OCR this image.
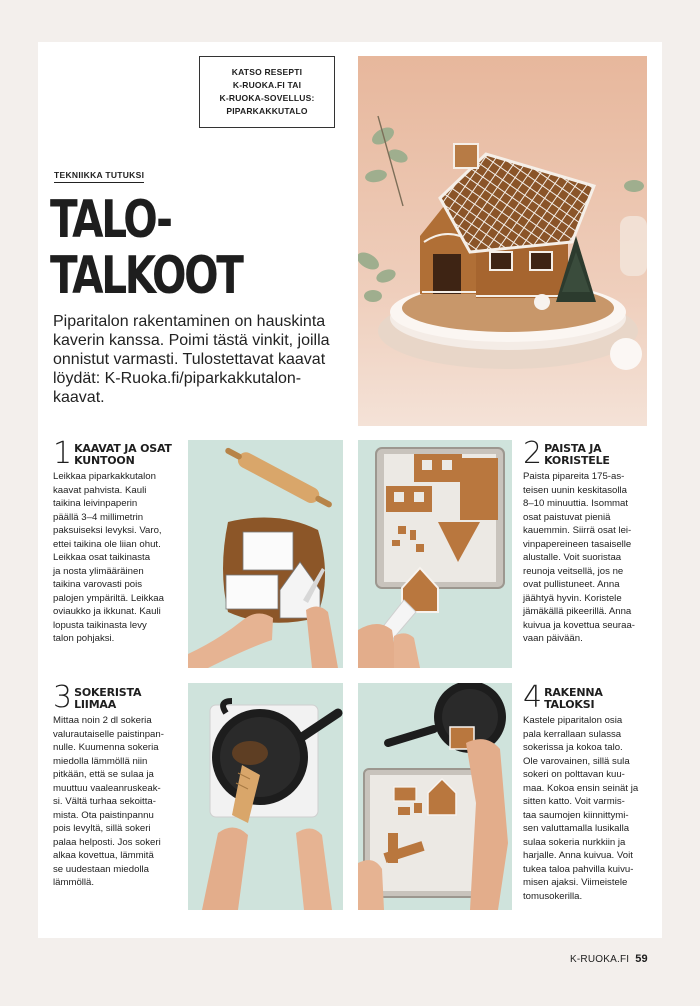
KATSO RESEPTI
K-RUOKA.FI TAI
K-RUOKA-SOVELLUS:
PIPARKAKKUTALO
TEKNIIKKA TUTUKSI
TALO-
TALKOOT
Piparitalon rakentaminen on hauskinta kaverin kanssa. Poimi tästä vinkit, joilla onnistut varmasti. Tulostettavat kaavat löydät: K-Ruoka.fi/piparkakkutalon-kaavat.
1 KAAVAT JA OSAT
KUNTOON
Leikkaa piparkakkutalon
kaavat pahvista. Kauli
taikina leivinpaperin
päällä 3–4 millimetrin
paksuiseksi levyksi. Varo,
ettei taikina ole liian ohut.
Leikkaa osat taikinasta
ja nosta ylimääräinen
taikina varovasti pois
palojen ympäriltä. Leikkaa
oviaukko ja ikkunat. Kauli
lopusta taikinasta levy
talon pohjaksi.
2 PAISTA JA
KORISTELE
Paista pipareita 175-as-
teisen uunin keskitasolla
8–10 minuuttia. Isommat
osat paistuvat pieniä
kauemmin. Siirrä osat lei-
vinpapereineen tasaiselle
alustalle. Voit suoristaa
reunoja veitsellä, jos ne
ovat pullistuneet. Anna
jäähtyä hyvin. Koristele
jämäkällä pikeerillä. Anna
kuivua ja kovettua seuraa-
vaan päivään.
3 SOKERISTA
LIIMAA
Mittaa noin 2 dl sokeria
valurautaiselle paistinpan-
nulle. Kuumenna sokeria
miedolla lämmöllä niin
pitkään, että se sulaa ja
muuttuu vaaleanruskeak-
si. Vältä turhaa sekoitta-
mista. Ota paistinpannu
pois levyltä, sillä sokeri
palaa helposti. Jos sokeri
alkaa kovettua, lämmitä
se uudestaan miedolla
lämmöllä.
4 RAKENNA
TALOKSI
Kastele piparitalon osia
pala kerrallaan sulassa
sokerissa ja kokoa talo.
Ole varovainen, sillä sula
sokeri on polttavan kuu-
maa. Kokoa ensin seinät ja
sitten katto. Voit varmis-
taa saumojen kiinnittymi-
sen valuttamalla lusikalla
sulaa sokeria nurkkiin ja
harjalle. Anna kuivua. Voit
tukea taloa pahvilla kuivu-
misen ajaksi. Viimeistele
tomusokerilla.
K-RUOKA.FI 59
